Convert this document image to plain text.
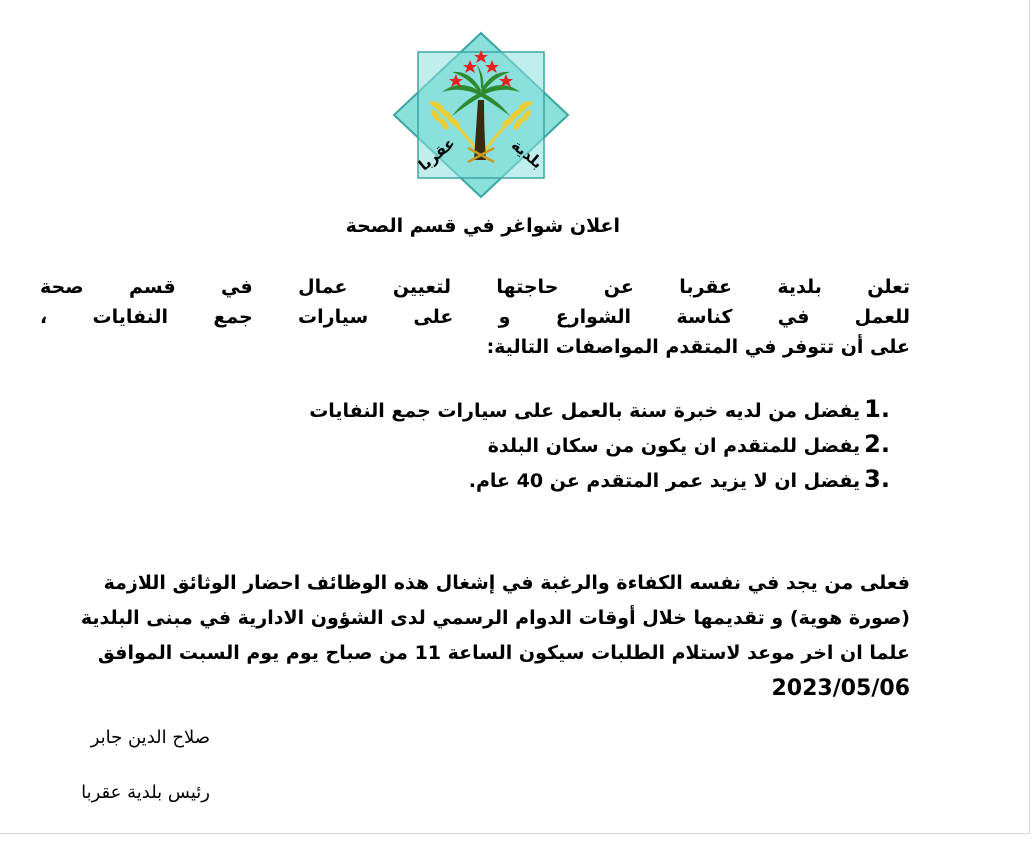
عقربا	بلدية
اعلان شواغر في قسم الصحة
تعلن بلدية عقربا عن حاجتها لتعيين عمال في قسم صحة
للعمل في كناسة الشوارع و على سيارات جمع النفايات ،
على أن تتوفر في المتقدم المواصفات التالية:
1.
يفضل من لديه خبرة سنة بالعمل على سيارات جمع النفايات
2.
يفضل للمتقدم ان يكون من سكان البلدة
3.
يفضل ان لا يزيد عمر المتقدم عن 40 عام.
فعلى من يجد في نفسه الكفاءة والرغبة في إشغال هذه الوظائف احضار الوثائق اللازمة
(صورة هوية) و تقديمها خلال أوقات الدوام الرسمي لدى الشؤون الادارية في مبنى البلدية
علما ان اخر موعد لاستلام الطلبات سيكون الساعة 11 من صباح يوم يوم السبت الموافق
2023/05/06
صلاح الدين جابر
رئيس بلدية عقربا
